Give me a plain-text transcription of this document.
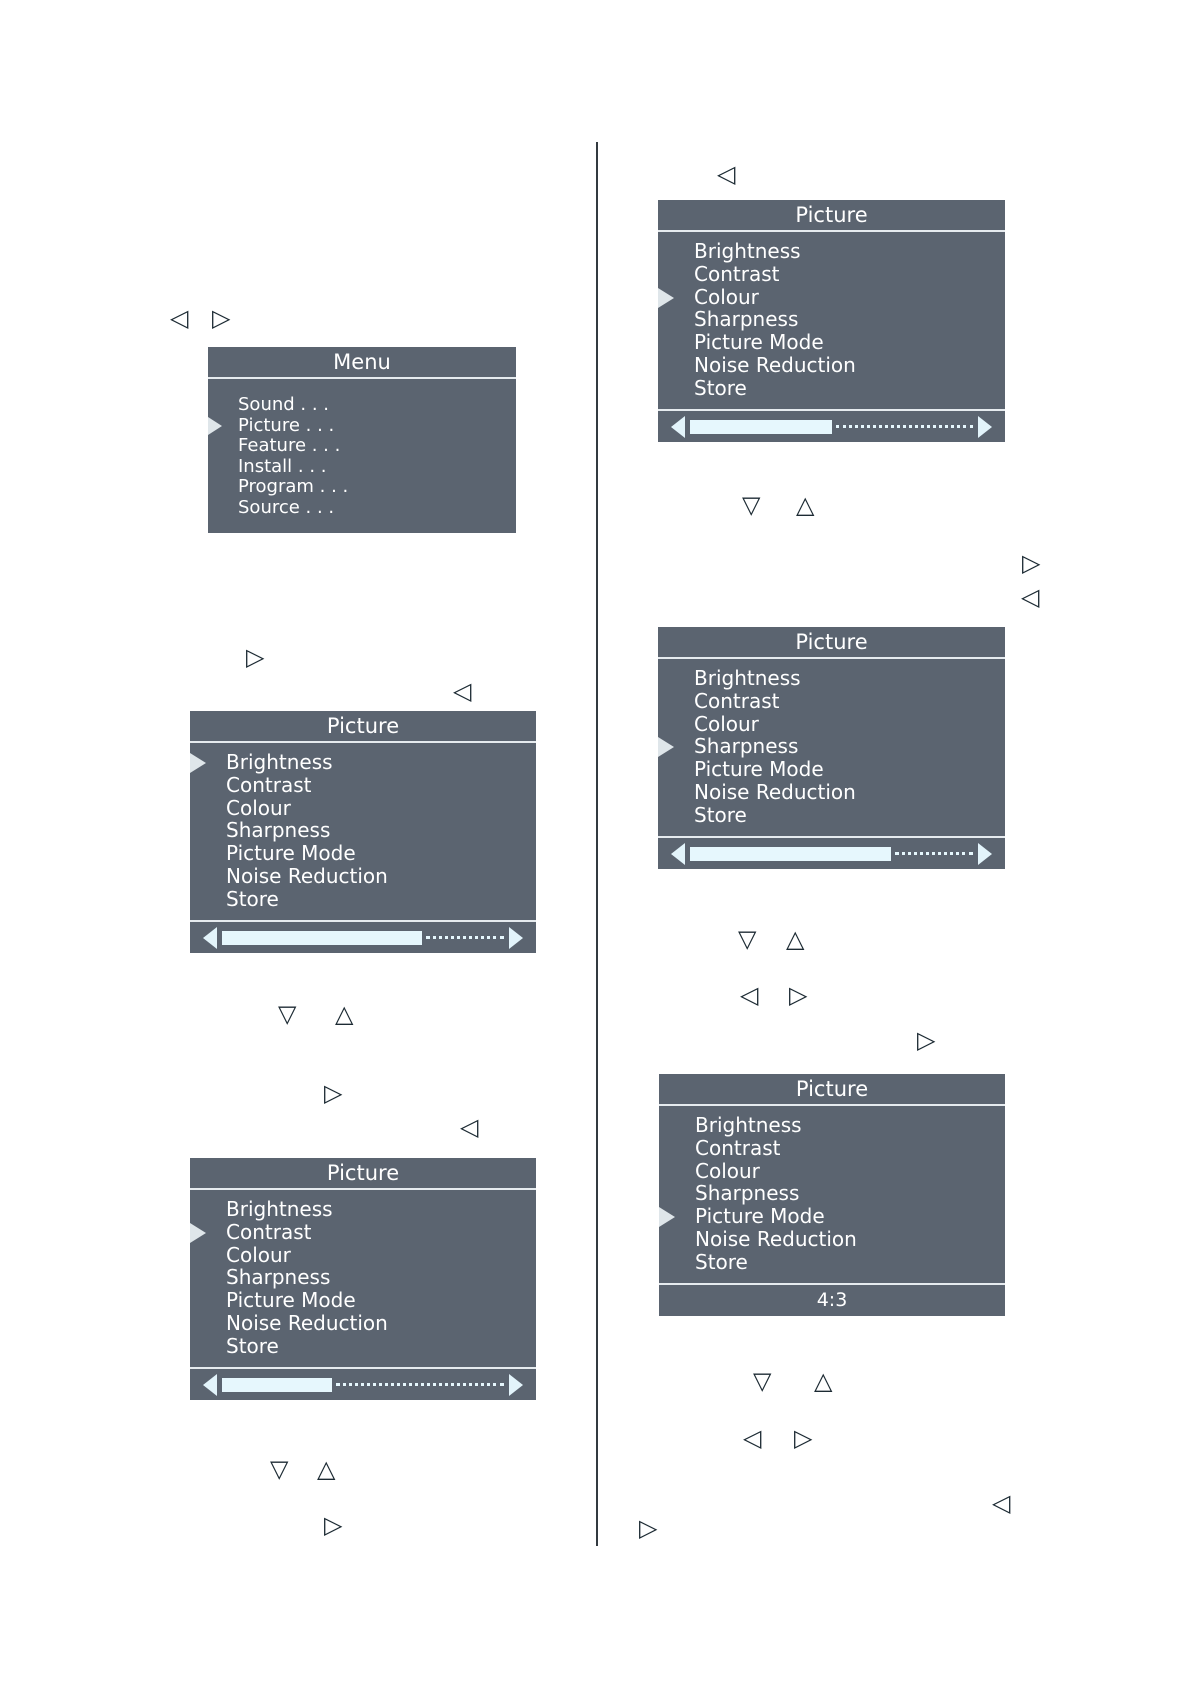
◁ ▷
Menu
Sound . . .
Picture . . .
Feature . . .
Install . . .
Program . . .
Source . . .
▷
◁
Picture
Brightness
Contrast
Colour
Sharpness
Picture Mode
Noise Reduction
Store
▽ △
▷
◁
Picture
Brightness
Contrast
Colour
Sharpness
Picture Mode
Noise Reduction
Store
▽ △
▷
◁
Picture
Brightness
Contrast
Colour
Sharpness
Picture Mode
Noise Reduction
Store
▽ △
▷
◁
Picture
Brightness
Contrast
Colour
Sharpness
Picture Mode
Noise Reduction
Store
▽ △
◁ ▷
▷
Picture
Brightness
Contrast
Colour
Sharpness
Picture Mode
Noise Reduction
Store
4:3
▽ △
◁ ▷
◁
▷
